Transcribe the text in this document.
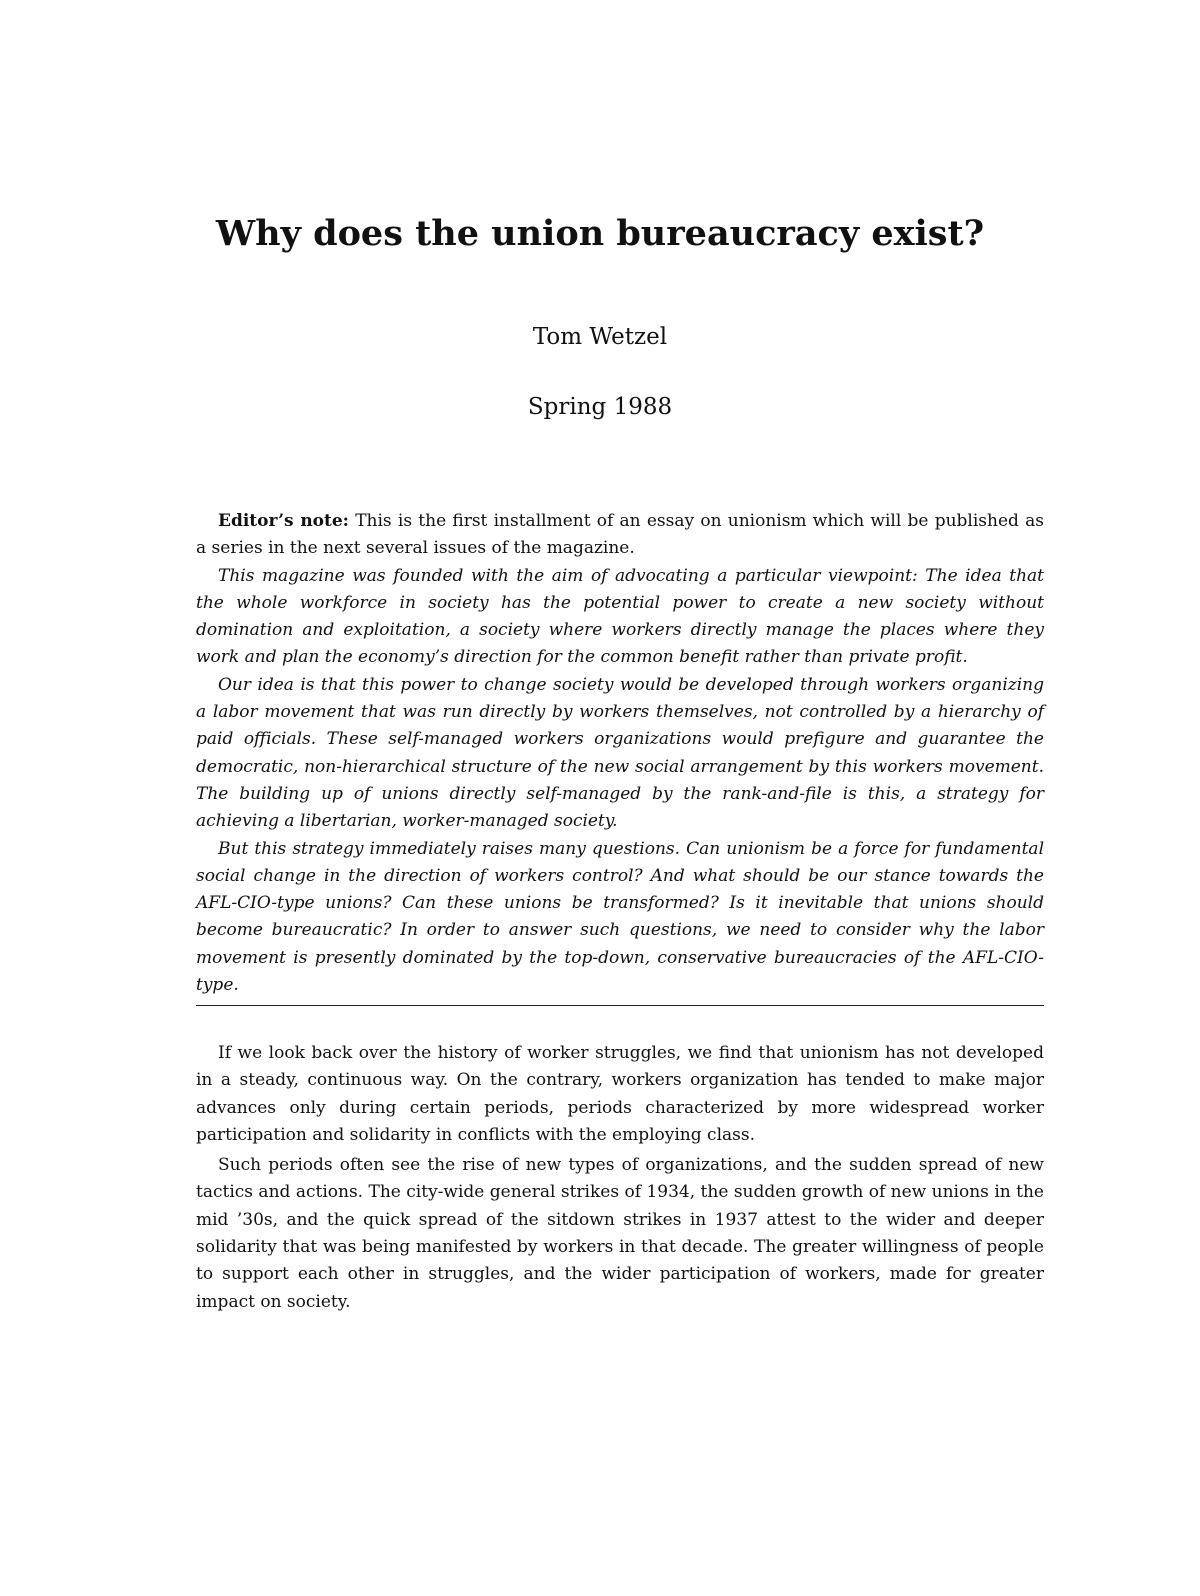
Why does the union bureaucracy exist?
Tom Wetzel
Spring 1988

Editor’s note: This is the first installment of an essay on unionism which will be published as a series in the next several issues of the magazine.

This magazine was founded with the aim of advocating a particular viewpoint: The idea that the whole workforce in society has the potential power to create a new society without domination and exploitation, a society where workers directly manage the places where they work and plan the economy’s direction for the common benefit rather than private profit.

Our idea is that this power to change society would be developed through workers organizing a labor movement that was run directly by workers themselves, not controlled by a hierarchy of paid officials. These self-managed workers organizations would prefigure and guarantee the democratic, non-hierarchical structure of the new social arrangement by this workers movement. The building up of unions directly self-managed by the rank-and-file is this, a strategy for achieving a libertarian, worker-managed society.

But this strategy immediately raises many questions. Can unionism be a force for fundamental social change in the direction of workers control? And what should be our stance towards the AFL-CIO-type unions? Can these unions be transformed? Is it inevitable that unions should become bureaucratic? In order to answer such questions, we need to consider why the labor movement is presently dominated by the top-down, conservative bureaucracies of the AFL-CIO-type.

If we look back over the history of worker struggles, we find that unionism has not developed in a steady, continuous way. On the contrary, workers organization has tended to make major advances only during certain periods, periods characterized by more widespread worker participation and solidarity in conflicts with the employing class.

Such periods often see the rise of new types of organizations, and the sudden spread of new tactics and actions. The city-wide general strikes of 1934, the sudden growth of new unions in the mid ’30s, and the quick spread of the sitdown strikes in 1937 attest to the wider and deeper solidarity that was being manifested by workers in that decade. The greater willingness of people to support each other in struggles, and the wider participation of workers, made for greater impact on society.
